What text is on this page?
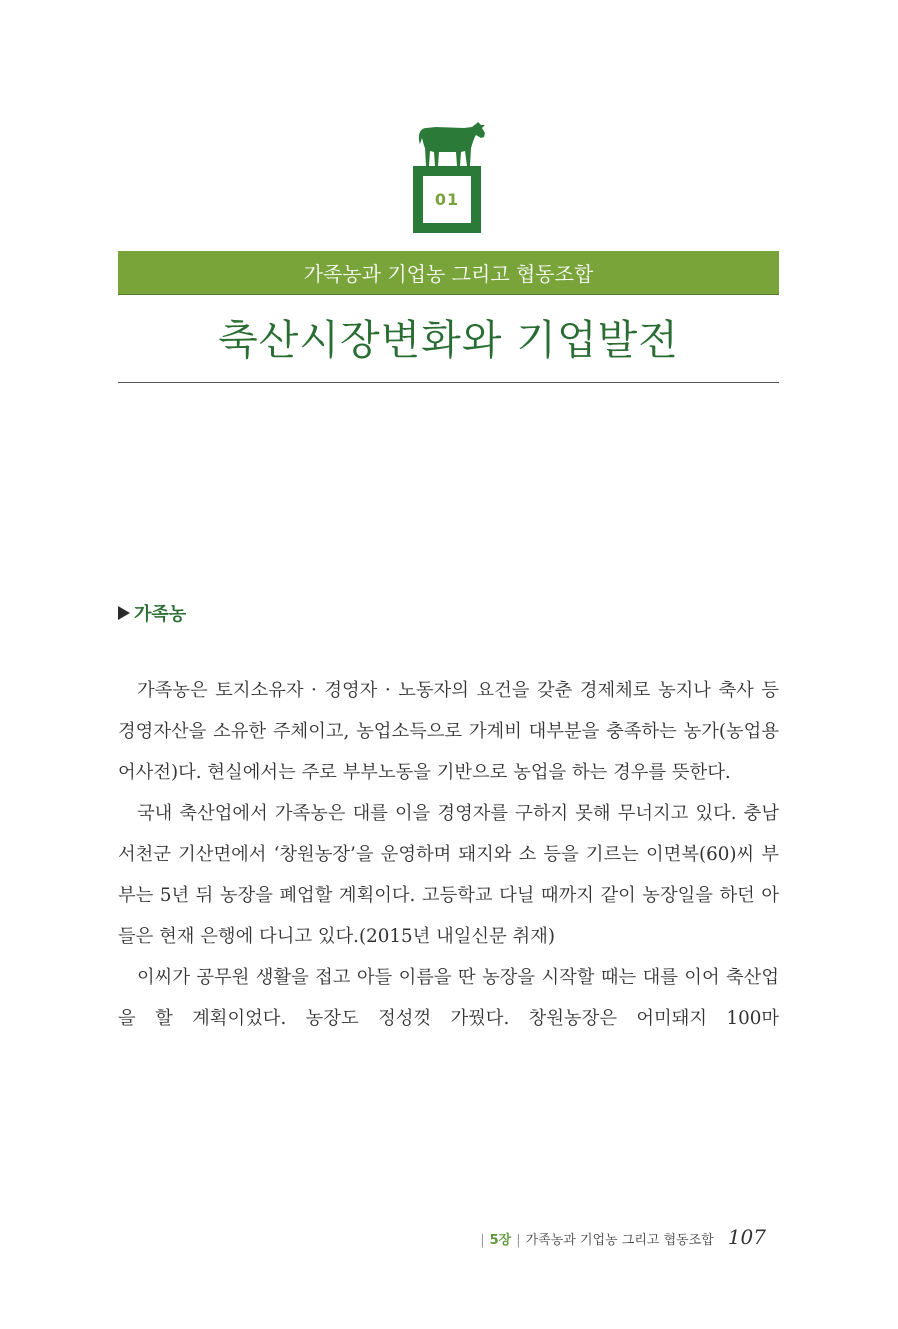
01
가족농과 기업농 그리고 협동조합
축산시장변화와 기업발전
가족농

가족농은 토지소유자 · 경영자 · 노동자의 요건을 갖춘 경제체로 농지나 축사 등 경영자산을 소유한 주체이고, 농업소득으로 가계비 대부분을 충족하는 농가(농업용어사전)다. 현실에서는 주로 부부노동을 기반으로 농업을 하는 경우를 뜻한다.

국내 축산업에서 가족농은 대를 이을 경영자를 구하지 못해 무너지고 있다. 충남 서천군 기산면에서 ‘창원농장’을 운영하며 돼지와 소 등을 기르는 이면복(60)씨 부부는 5년 뒤 농장을 폐업할 계획이다. 고등학교 다닐 때까지 같이 농장일을 하던 아들은 현재 은행에 다니고 있다.(2015년 내일신문 취재)

이씨가 공무원 생활을 접고 아들 이름을 딴 농장을 시작할 때는 대를 이어 축산업을 할 계획이었다. 농장도 정성껏 가꿨다. 창원농장은 어미돼지 100마

| 5장 | 가족농과 기업농 그리고 협동조합 107
